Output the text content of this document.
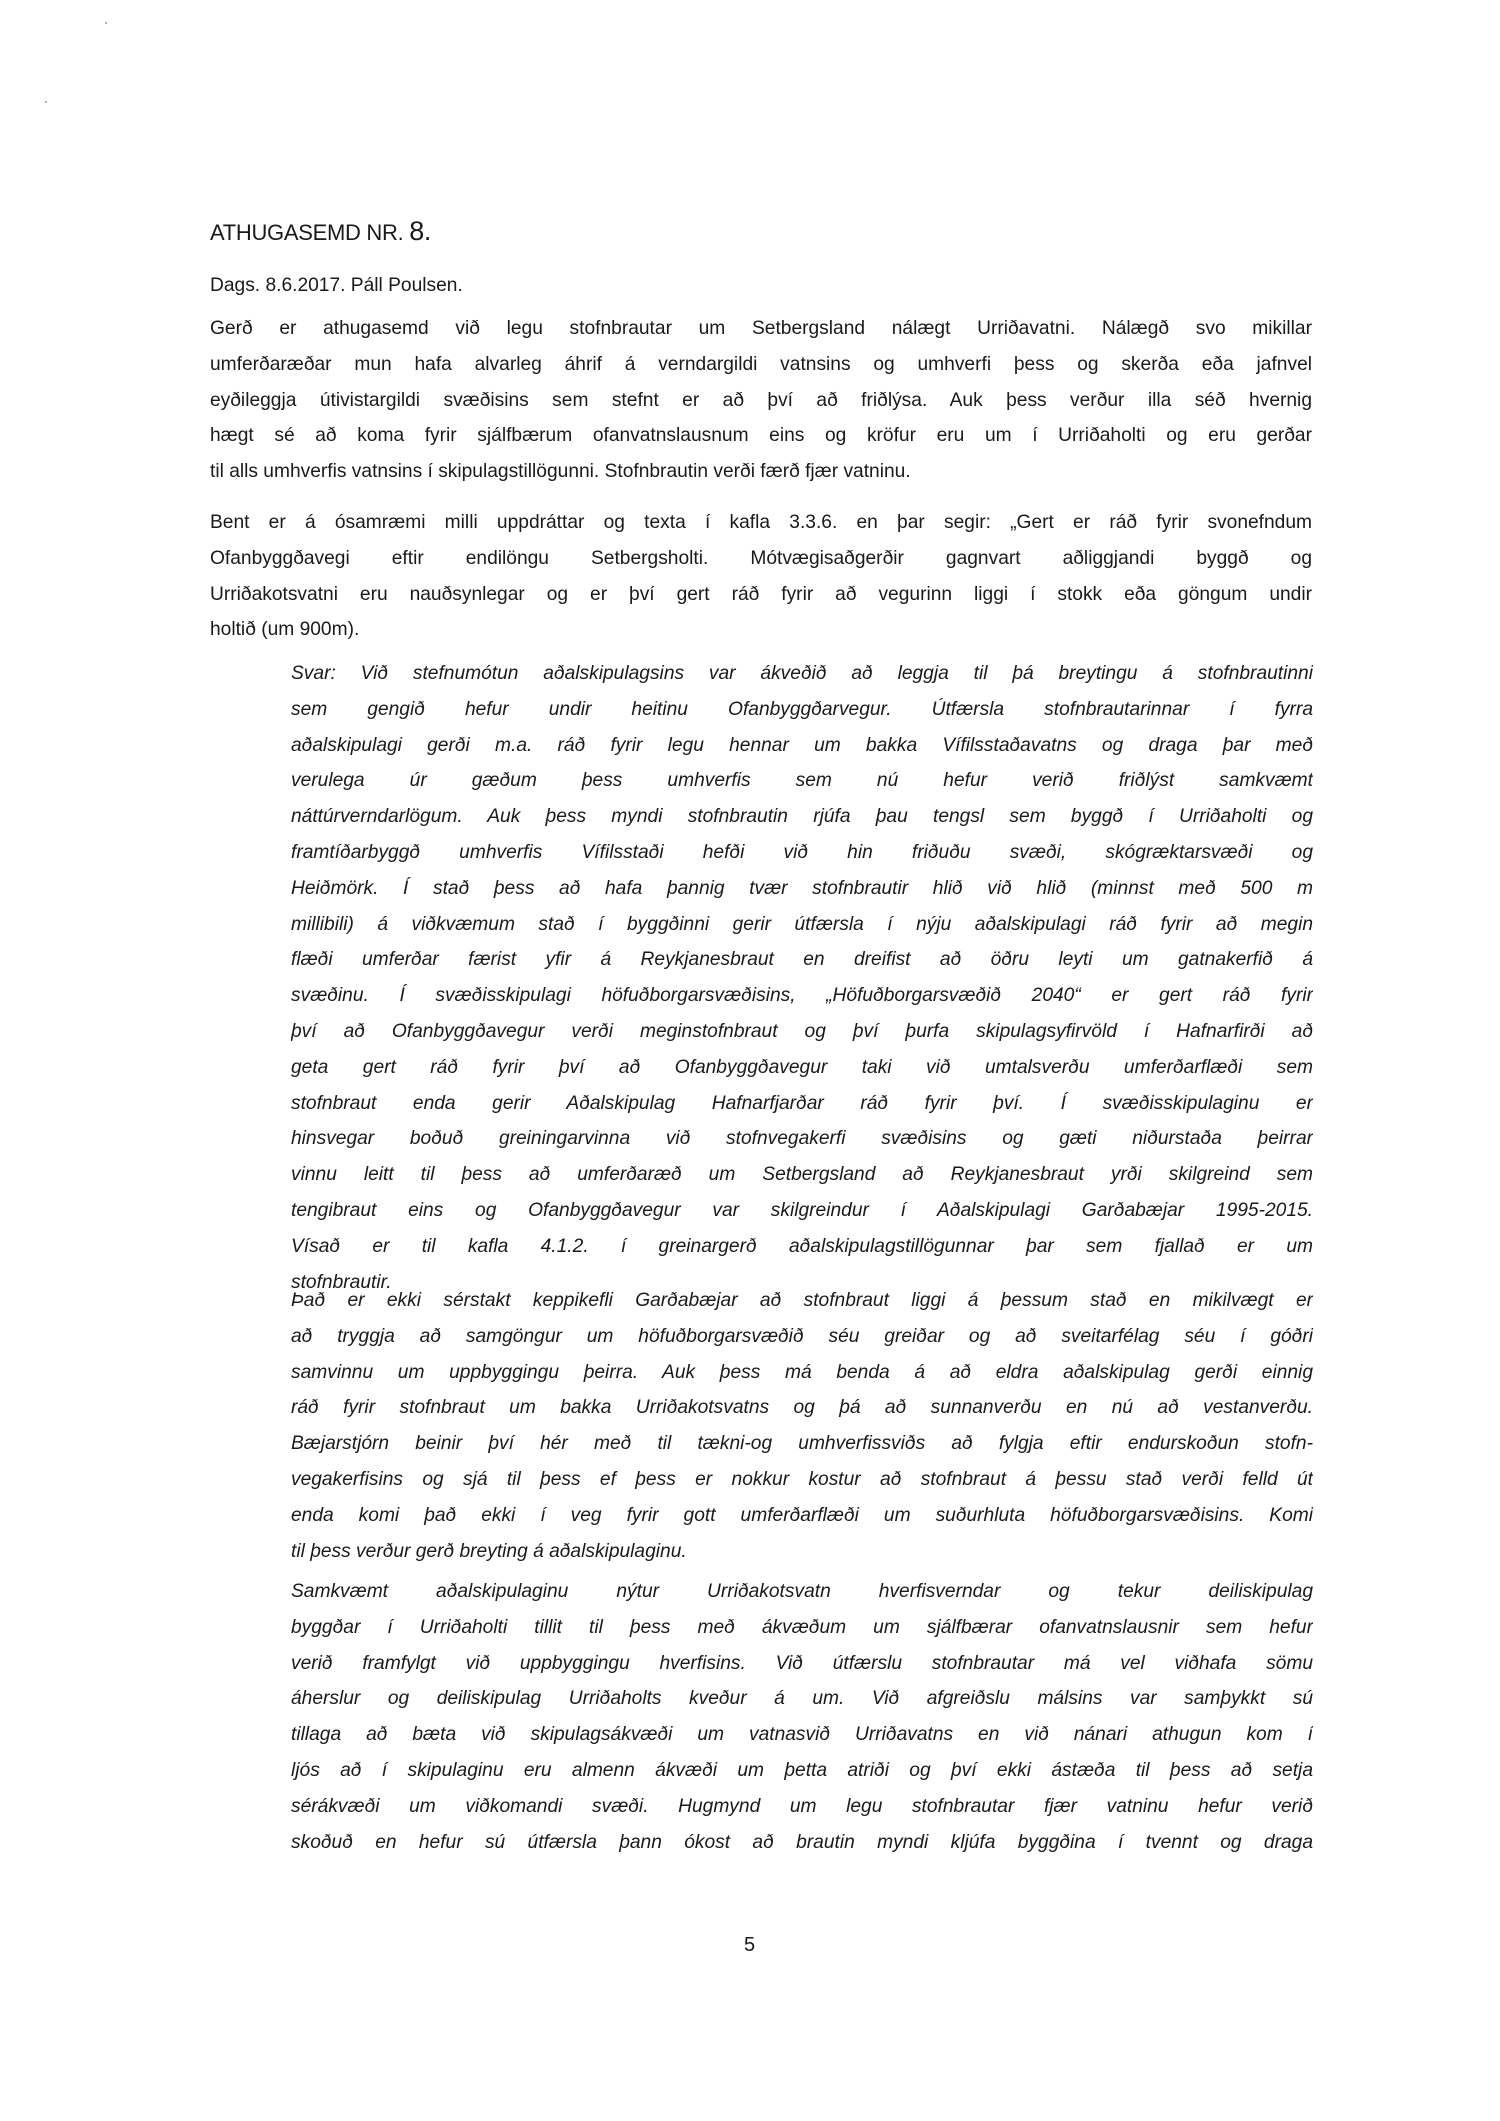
ATHUGASEMD NR. 8.
Dags. 8.6.2017. Páll Poulsen.
Gerð er athugasemd við legu stofnbrautar um Setbergsland nálægt Urriðavatni. Nálægð svo mikillar
umferðaræðar mun hafa alvarleg áhrif á verndargildi vatnsins og umhverfi þess og skerða eða jafnvel
eyðileggja útivistargildi svæðisins sem stefnt er að því að friðlýsa. Auk þess verður illa séð hvernig
hægt sé að koma fyrir sjálfbærum ofanvatnslausnum eins og kröfur eru um í Urriðaholti og eru gerðar
til alls umhverfis vatnsins í skipulagstillögunni. Stofnbrautin verði færð fjær vatninu.
Bent er á ósamræmi milli uppdráttar og texta í kafla 3.3.6. en þar segir: „Gert er ráð fyrir svonefndum
Ofanbyggðavegi eftir endilöngu Setbergsholti. Mótvægisaðgerðir gagnvart aðliggjandi byggð og
Urriðakotsvatni eru nauðsynlegar og er því gert ráð fyrir að vegurinn liggi í stokk eða göngum undir
holtið (um 900m).
Svar: Við stefnumótun aðalskipulagsins var ákveðið að leggja til þá breytingu á stofnbrautinni
sem gengið hefur undir heitinu Ofanbyggðarvegur. Útfærsla stofnbrautarinnar í fyrra
aðalskipulagi gerði m.a. ráð fyrir legu hennar um bakka Vífilsstaðavatns og draga þar með
verulega úr gæðum þess umhverfis sem nú hefur verið friðlýst samkvæmt
náttúrverndarlögum. Auk þess myndi stofnbrautin rjúfa þau tengsl sem byggð í Urriðaholti og
framtíðarbyggð umhverfis Vífilsstaði hefði við hin friðuðu svæði, skógræktarsvæði og
Heiðmörk. Í stað þess að hafa þannig tvær stofnbrautir hlið við hlið (minnst með 500 m
millibili) á viðkvæmum stað í byggðinni gerir útfærsla í nýju aðalskipulagi ráð fyrir að megin
flæði umferðar færist yfir á Reykjanesbraut en dreifist að öðru leyti um gatnakerfið á
svæðinu. Í svæðisskipulagi höfuðborgarsvæðisins, „Höfuðborgarsvæðið 2040“ er gert ráð fyrir
því að Ofanbyggðavegur verði meginstofnbraut og því þurfa skipulagsyfirvöld í Hafnarfirði að
geta gert ráð fyrir því að Ofanbyggðavegur taki við umtalsverðu umferðarflæði sem
stofnbraut enda gerir Aðalskipulag Hafnarfjarðar ráð fyrir því. Í svæðisskipulaginu er
hinsvegar boðuð greiningarvinna við stofnvegakerfi svæðisins og gæti niðurstaða þeirrar
vinnu leitt til þess að umferðaræð um Setbergsland að Reykjanesbraut yrði skilgreind sem
tengibraut eins og Ofanbyggðavegur var skilgreindur í Aðalskipulagi Garðabæjar 1995-2015.
Vísað er til kafla 4.1.2. í greinargerð aðalskipulagstillögunnar þar sem fjallað er um
stofnbrautir.
Það er ekki sérstakt keppikefli Garðabæjar að stofnbraut liggi á þessum stað en mikilvægt er
að tryggja að samgöngur um höfuðborgarsvæðið séu greiðar og að sveitarfélag séu í góðri
samvinnu um uppbyggingu þeirra. Auk þess má benda á að eldra aðalskipulag gerði einnig
ráð fyrir stofnbraut um bakka Urriðakotsvatns og þá að sunnanverðu en nú að vestanverðu.
Bæjarstjórn beinir því hér með til tækni-og umhverfissviðs að fylgja eftir endurskoðun stofn-
vegakerfisins og sjá til þess ef þess er nokkur kostur að stofnbraut á þessu stað verði felld út
enda komi það ekki í veg fyrir gott umferðarflæði um suðurhluta höfuðborgarsvæðisins. Komi
til þess verður gerð breyting á aðalskipulaginu.
Samkvæmt aðalskipulaginu nýtur Urriðakotsvatn hverfisverndar og tekur deiliskipulag
byggðar í Urriðaholti tillit til þess með ákvæðum um sjálfbærar ofanvatnslausnir sem hefur
verið framfylgt við uppbyggingu hverfisins. Við útfærslu stofnbrautar má vel viðhafa sömu
áherslur og deiliskipulag Urriðaholts kveður á um. Við afgreiðslu málsins var samþykkt sú
tillaga að bæta við skipulagsákvæði um vatnasvið Urriðavatns en við nánari athugun kom í
ljós að í skipulaginu eru almenn ákvæði um þetta atriði og því ekki ástæða til þess að setja
sérákvæði um viðkomandi svæði. Hugmynd um legu stofnbrautar fjær vatninu hefur verið
skoðuð en hefur sú útfærsla þann ókost að brautin myndi kljúfa byggðina í tvennt og draga
5
